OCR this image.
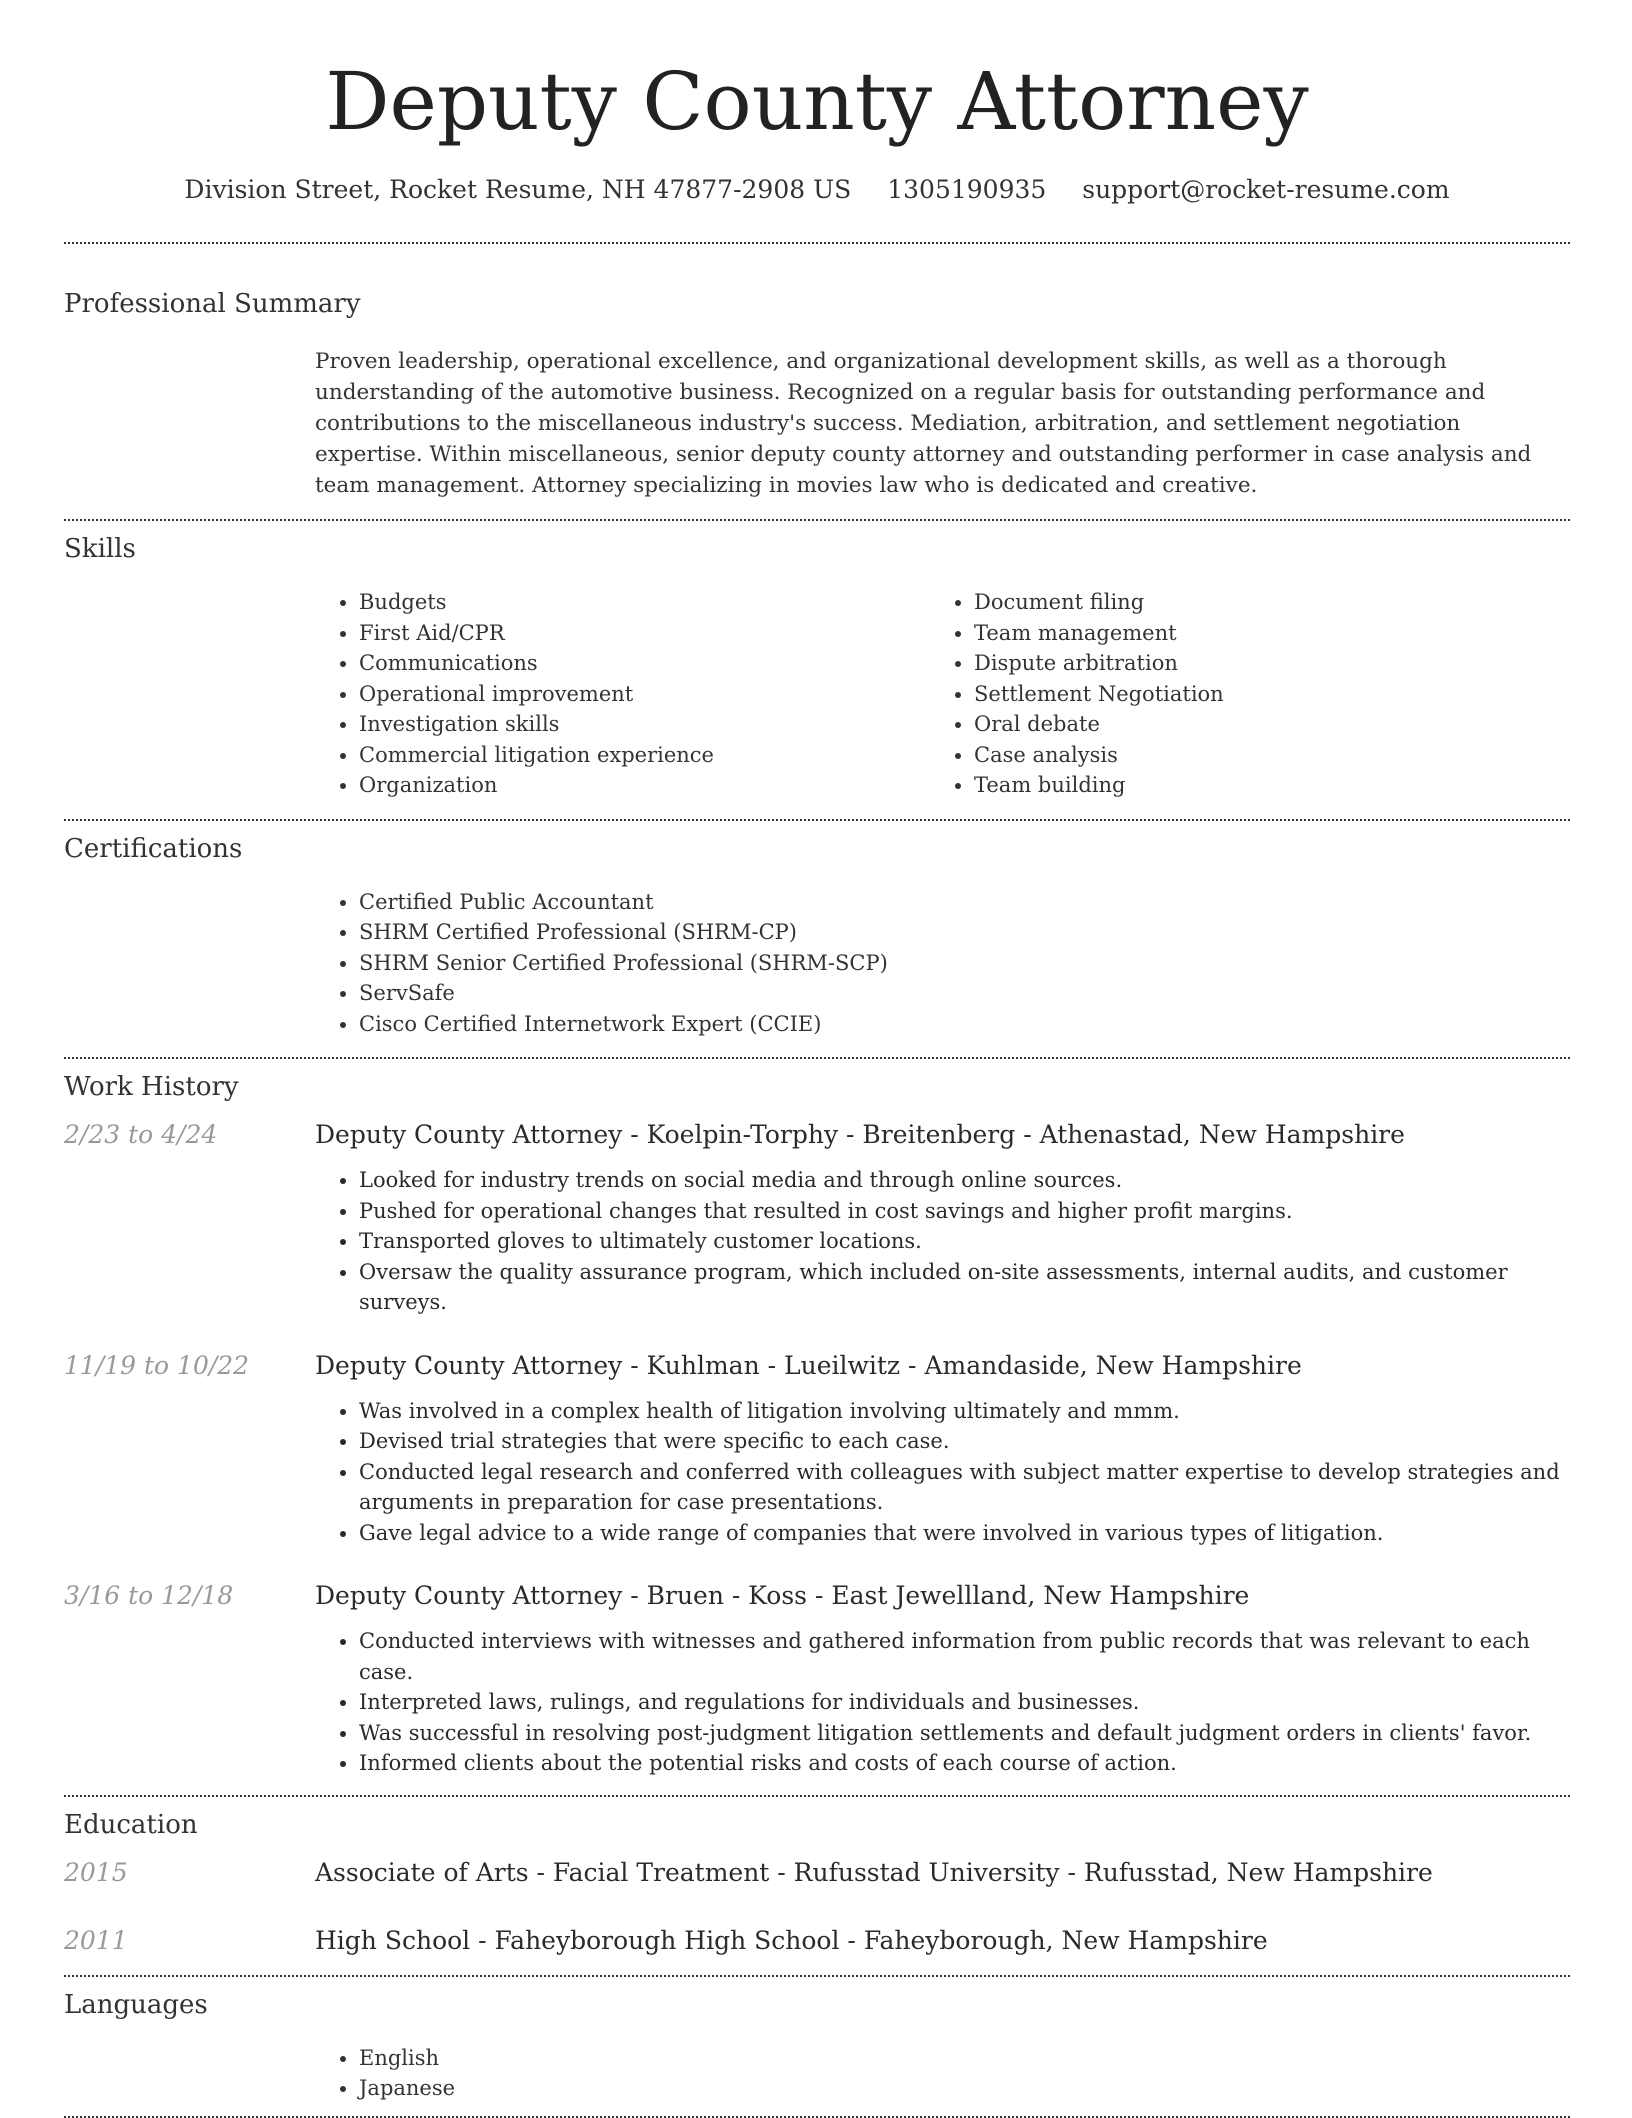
Deputy County Attorney
Division Street, Rocket Resume, NH 47877-2908 US 1305190935 support@rocket-resume.com
Professional Summary
Proven leadership, operational excellence, and organizational development skills, as well as a thorough understanding of the automotive business. Recognized on a regular basis for outstanding performance and contributions to the miscellaneous industry's success. Mediation, arbitration, and settlement negotiation expertise. Within miscellaneous, senior deputy county attorney and outstanding performer in case analysis and team management. Attorney specializing in movies law who is dedicated and creative.
Skills
• Budgets
• First Aid/CPR
• Communications
• Operational improvement
• Investigation skills
• Commercial litigation experience
• Organization
• Document filing
• Team management
• Dispute arbitration
• Settlement Negotiation
• Oral debate
• Case analysis
• Team building
Certifications
• Certified Public Accountant
• SHRM Certified Professional (SHRM-CP)
• SHRM Senior Certified Professional (SHRM-SCP)
• ServSafe
• Cisco Certified Internetwork Expert (CCIE)
Work History
2/23 to 4/24	Deputy County Attorney - Koelpin-Torphy - Breitenberg - Athenastad, New Hampshire
• Looked for industry trends on social media and through online sources.
• Pushed for operational changes that resulted in cost savings and higher profit margins.
• Transported gloves to ultimately customer locations.
• Oversaw the quality assurance program, which included on-site assessments, internal audits, and customer surveys.
11/19 to 10/22	Deputy County Attorney - Kuhlman - Lueilwitz - Amandaside, New Hampshire
• Was involved in a complex health of litigation involving ultimately and mmm.
• Devised trial strategies that were specific to each case.
• Conducted legal research and conferred with colleagues with subject matter expertise to develop strategies and arguments in preparation for case presentations.
• Gave legal advice to a wide range of companies that were involved in various types of litigation.
3/16 to 12/18	Deputy County Attorney - Bruen - Koss - East Jewellland, New Hampshire
• Conducted interviews with witnesses and gathered information from public records that was relevant to each case.
• Interpreted laws, rulings, and regulations for individuals and businesses.
• Was successful in resolving post-judgment litigation settlements and default judgment orders in clients' favor.
• Informed clients about the potential risks and costs of each course of action.
Education
2015	Associate of Arts - Facial Treatment - Rufusstad University - Rufusstad, New Hampshire
2011	High School - Faheyborough High School - Faheyborough, New Hampshire
Languages
• English
• Japanese
